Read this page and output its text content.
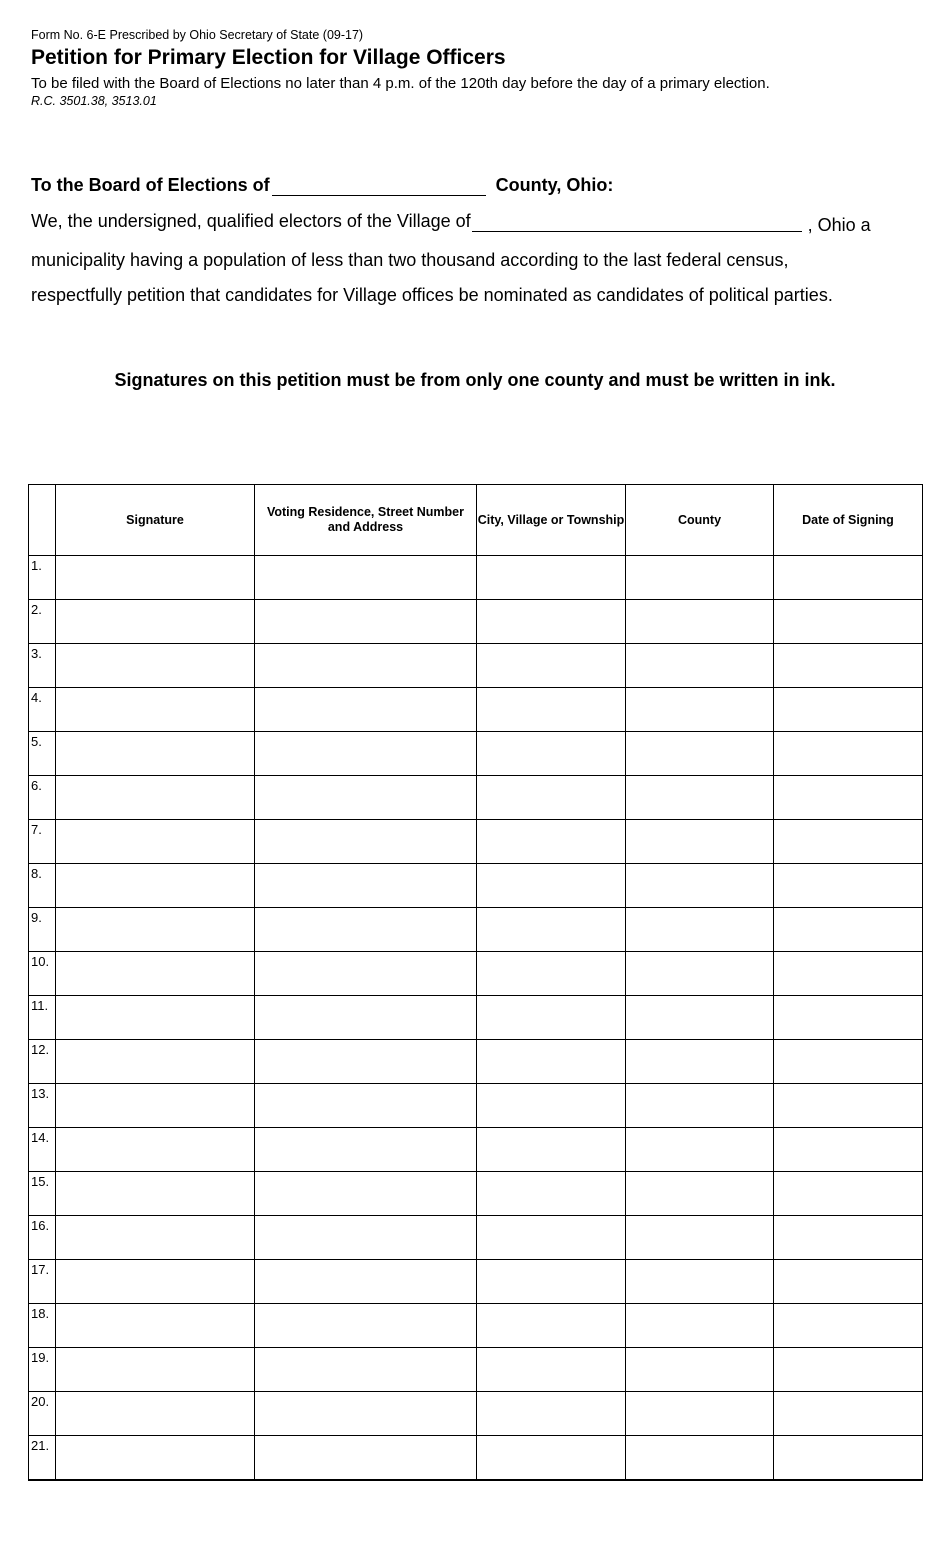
Form No. 6-E Prescribed by Ohio Secretary of State (09-17)
Petition for Primary Election for Village Officers
To be filed with the Board of Elections no later than 4 p.m. of the 120th day before the day of a primary election.
R.C. 3501.38, 3513.01
To the Board of Elections of	County, Ohio:
We, the undersigned, qualified electors of the Village of	, Ohio a
municipality having a population of less than two thousand according to the last federal census,
respectfully petition that candidates for Village offices be nominated as candidates of political parties.
Signatures on this petition must be from only one county and must be written in ink.
	Signature	Voting Residence, Street Number and Address	City, Village or Township	County	Date of Signing

1.					

2.					

3.					

4.					

5.					

6.					

7.					

8.					

9.					

10.					

11.					

12.					

13.					

14.					

15.					

16.					

17.					

18.					

19.					

20.					

21.					
